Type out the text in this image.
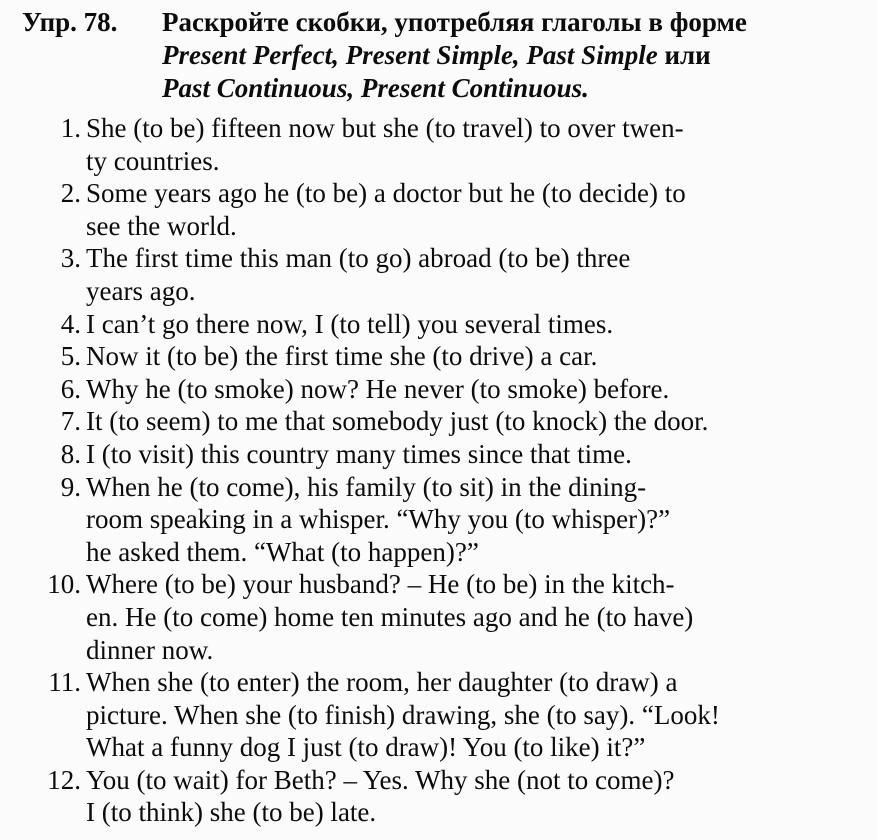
Упр. 78.	Раскройте скобки, употребляя глаголы в форме
Present Perfect, Present Simple, Past Simple или
Past Continuous, Present Continuous.
1. She (to be) fifteen now but she (to travel) to over twen-
ty countries.
2. Some years ago he (to be) a doctor but he (to decide) to
see the world.
3. The first time this man (to go) abroad (to be) three
years ago.
4. I can’t go there now, I (to tell) you several times.
5. Now it (to be) the first time she (to drive) a car.
6. Why he (to smoke) now? He never (to smoke) before.
7. It (to seem) to me that somebody just (to knock) the door.
8. I (to visit) this country many times since that time.
9. When he (to come), his family (to sit) in the dining-
room speaking in a whisper. “Why you (to whisper)?”
he asked them. “What (to happen)?”
10. Where (to be) your husband? – He (to be) in the kitch-
en. He (to come) home ten minutes ago and he (to have)
dinner now.
11. When she (to enter) the room, her daughter (to draw) a
picture. When she (to finish) drawing, she (to say). “Look!
What a funny dog I just (to draw)! You (to like) it?”
12. You (to wait) for Beth? – Yes. Why she (not to come)?
I (to think) she (to be) late.
